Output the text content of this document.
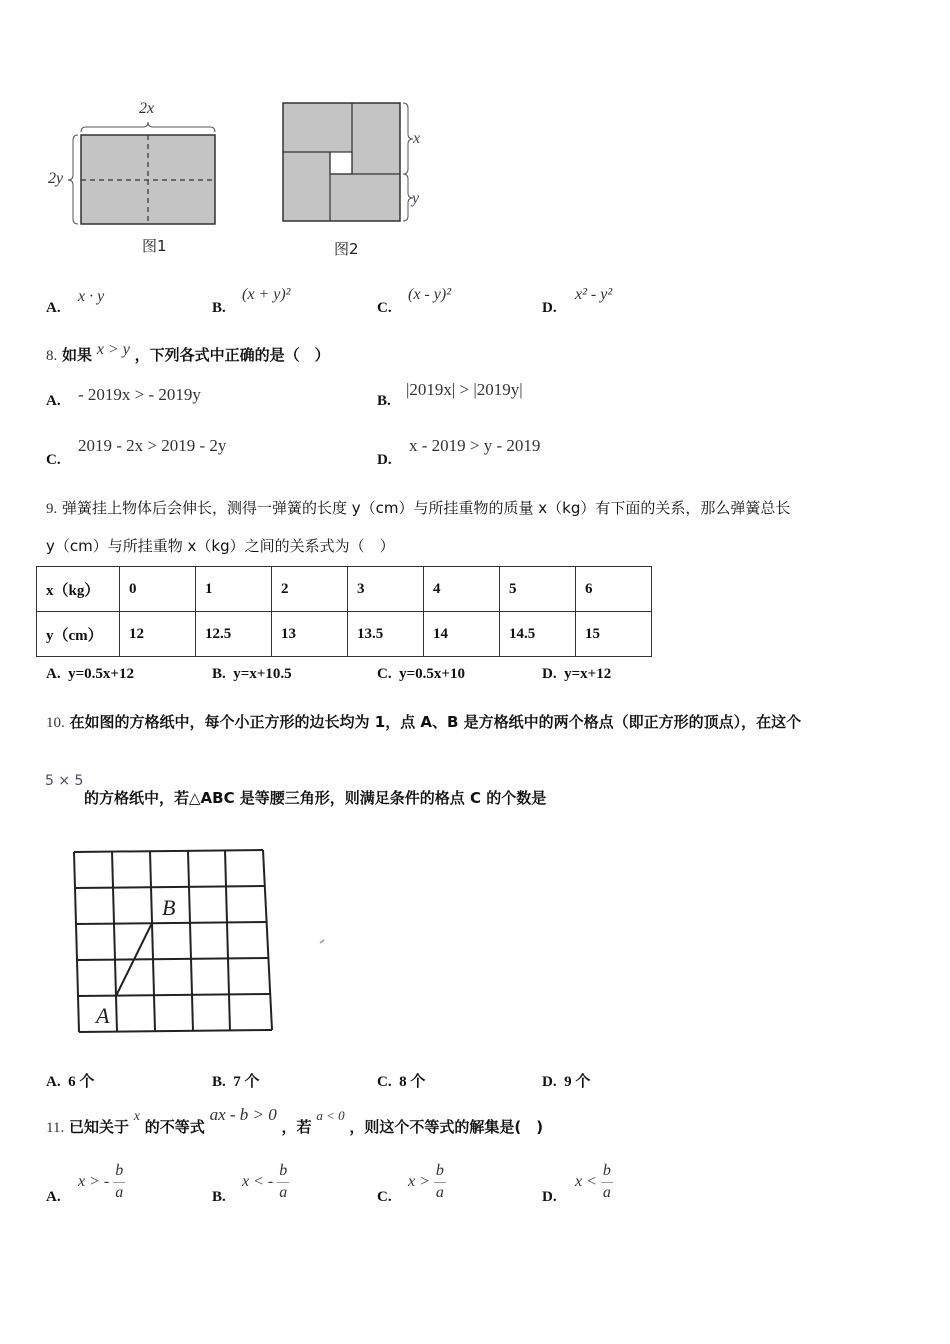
2x
2y
图1
x
y
图2
A.
x · y
B.
(x + y)²
C.
(x - y)²
D.
x² - y²
8. 如果 x > y ，下列各式中正确的是（　）
A. - 2019x > - 2019y	B.
|2019x| > |2019y|
C.
2019 - 2x > 2019 - 2y
D.
x - 2019 > y - 2019
9. 弹簧挂上物体后会伸长，测得一弹簧的长度 y（cm）与所挂重物的质量 x（kg）有下面的关系，那么弹簧总长
y（cm）与所挂重物 x（kg）之间的关系式为（　）
x（kg）	0	1	2	3	4	5	6
y（cm）	12	12.5	13	13.5	14	14.5	15
A. y=0.5x+12	B. y=x+10.5	C. y=0.5x+10	D. y=x+12
10. 在如图的方格纸中，每个小正方形的边长均为 1，点 A、B 是方格纸中的两个格点（即正方形的顶点），在这个
5 × 5
的方格纸中，若△ABC 是等腰三角形，则满足条件的格点 C 的个数是
B
A
A. 6 个	B. 7 个	C. 8 个	D. 9 个
11. 已知关于 x 的不等式 ax - b > 0 ，若 a < 0 ，则这个不等式的解集是(　)
A.
x > - $\frac{b}{a}$	B.
x < - $\frac{b}{a}$	C.
$x > \frac{b}{a}$	D.
$x < \frac{b}{a}$
